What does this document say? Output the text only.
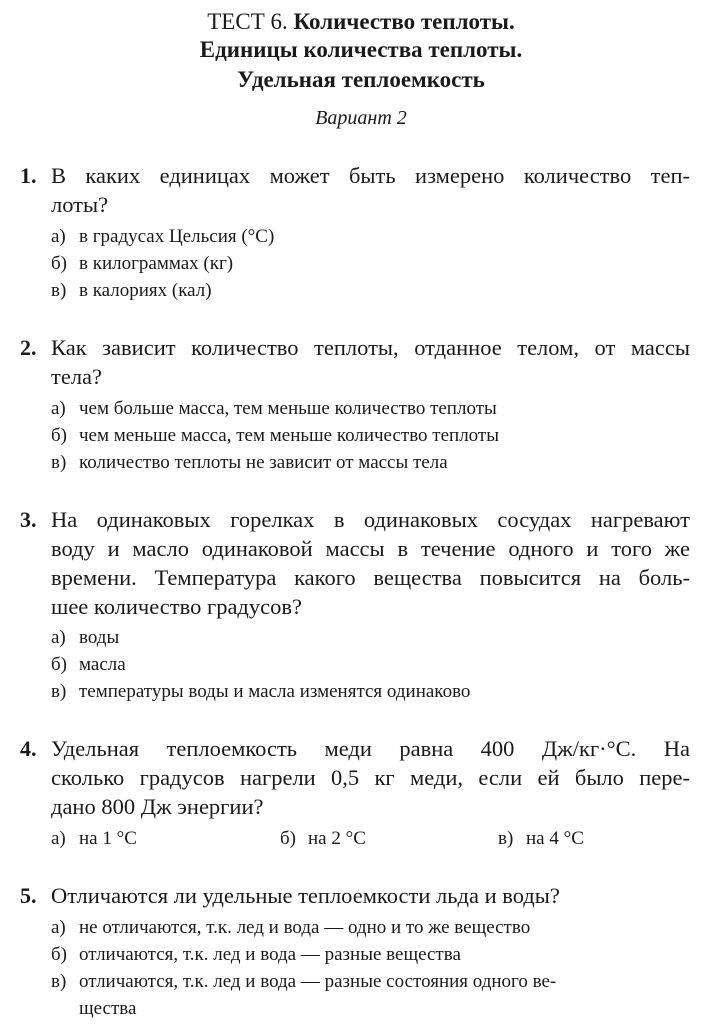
ТЕСТ 6. Количество теплоты.
Единицы количества теплоты.
Удельная теплоемкость
Вариант 2
1. В каких единицах может быть измерено количество теп-
лоты?
а) в градусах Цельсия (°С)
б) в килограммах (кг)
в) в калориях (кал)
2. Как зависит количество теплоты, отданное телом, от массы
тела?
а) чем больше масса, тем меньше количество теплоты
б) чем меньше масса, тем меньше количество теплоты
в) количество теплоты не зависит от массы тела
3. На одинаковых горелках в одинаковых сосудах нагревают
воду и масло одинаковой массы в течение одного и того же
времени. Температура какого вещества повысится на боль-
шее количество градусов?
а) воды
б) масла
в) температуры воды и масла изменятся одинаково
4. Удельная теплоемкость меди равна 400 Дж/кг·°С. На
сколько градусов нагрели 0,5 кг меди, если ей было пере-
дано 800 Дж энергии?
а) на 1 °С	б) на 2 °С	в) на 4 °С
5. Отличаются ли удельные теплоемкости льда и воды?
а) не отличаются, т.к. лед и вода — одно и то же вещество
б) отличаются, т.к. лед и вода — разные вещества
в) отличаются, т.к. лед и вода — разные состояния одного ве-
щества
